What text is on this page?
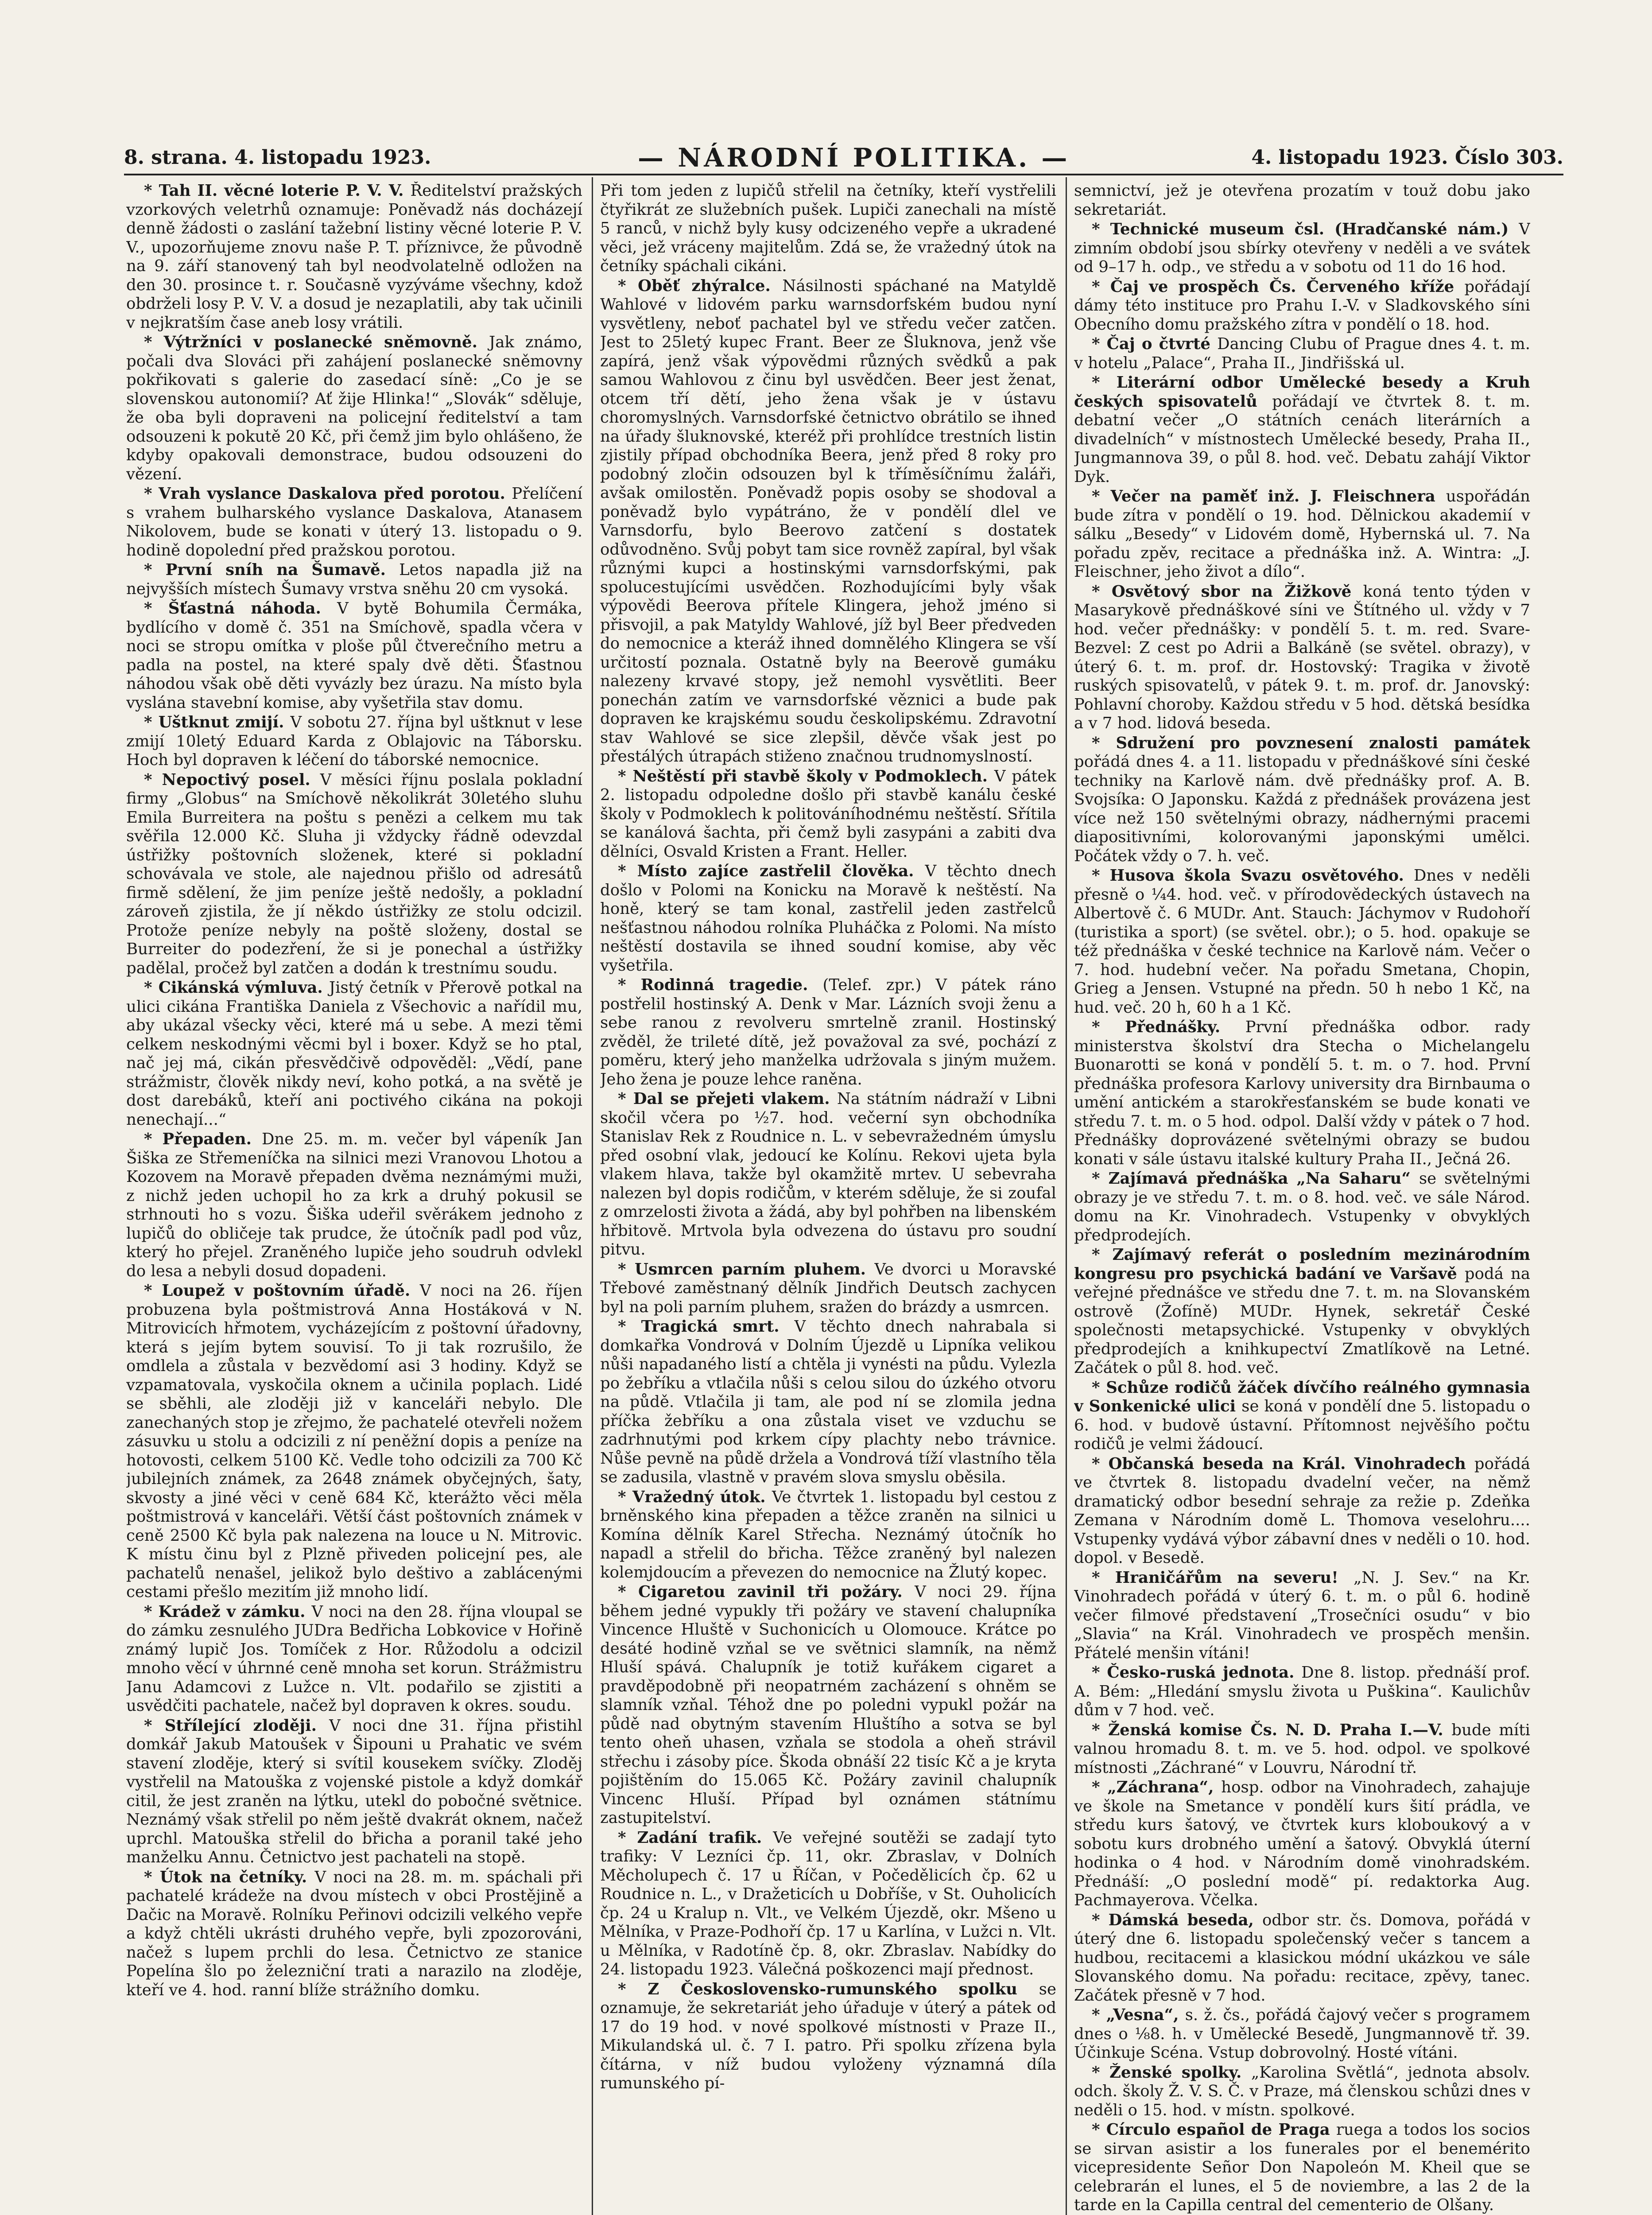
8. strana. 4. listopadu 1923.	— NÁRODNÍ POLITIKA. —	4. listopadu 1923. Číslo 303.

* Tah II. věcné loterie P. V. V. Ředitelství pražských vzorkových veletrhů oznamuje: Poněvadž nás docházejí denně žádosti o zaslání tažební listiny věcné loterie P. V. V., upozorňujeme znovu naše P. T. příznivce, že původně na 9. září stanovený tah byl neodvolatelně odložen na den 30. prosince t. r. Současně vyzýváme všechny, kdož obdrželi losy P. V. V. a dosud je nezaplatili, aby tak učinili v nejkratším čase aneb losy vrátili.

* Výtržníci v poslanecké sněmovně. Jak známo, počali dva Slováci při zahájení poslanecké sněmovny pokřikovati s galerie do zasedací síně: „Co je se slovenskou autonomií? Ať žije Hlinka!“ „Slovák“ sděluje, že oba byli dopraveni na policejní ředitelství a tam odsouzeni k pokutě 20 Kč, při čemž jim bylo ohlášeno, že kdyby opakovali demonstrace, budou odsouzeni do vězení.

* Vrah vyslance Daskalova před porotou. Přelíčení s vrahem bulharského vyslance Daskalova, Atanasem Nikolovem, bude se konati v úterý 13. listopadu o 9. hodině dopolední před pražskou porotou.

* První sníh na Šumavě. Letos napadla již na nejvyšších místech Šumavy vrstva sněhu 20 cm vysoká.

* Šťastná náhoda. V bytě Bohumila Čermáka, bydlícího v domě č. 351 na Smíchově, spadla včera v noci se stropu omítka v ploše půl čtverečního metru a padla na postel, na které spaly dvě děti. Šťastnou náhodou však obě děti vyvázly bez úrazu. Na místo byla vyslána stavební komise, aby vyšetřila stav domu.

* Uštknut zmijí. V sobotu 27. října byl uštknut v lese zmijí 10letý Eduard Karda z Oblajovic na Táborsku. Hoch byl dopraven k léčení do táborské nemocnice.

* Nepoctivý posel. V měsíci říjnu poslala pokladní firmy „Globus“ na Smíchově několikrát 30letého sluhu Emila Burreitera na poštu s penězi a celkem mu tak svěřila 12.000 Kč. Sluha ji vždycky řádně odevzdal ústřižky poštovních složenek, které si pokladní schovávala ve stole, ale najednou přišlo od adresátů firmě sdělení, že jim peníze ještě nedošly, a pokladní zároveň zjistila, že jí někdo ústřižky ze stolu odcizil. Protože peníze nebyly na poště složeny, dostal se Burreiter do podezření, že si je ponechal a ústřižky padělal, pročež byl zatčen a dodán k trestnímu soudu.

* Cikánská výmluva. Jistý četník v Přerově potkal na ulici cikána Františka Daniela z Všechovic a nařídil mu, aby ukázal všecky věci, které má u sebe. A mezi těmi celkem neskodnými věcmi byl i boxer. Když se ho ptal, nač jej má, cikán přesvědčivě odpověděl: „Vědí, pane strážmistr, člověk nikdy neví, koho potká, a na světě je dost darebáků, kteří ani poctivého cikána na pokoji nenechají...“

* Přepaden. Dne 25. m. m. večer byl vápeník Jan Šiška ze Střemeníčka na silnici mezi Vranovou Lhotou a Kozovem na Moravě přepaden dvěma neznámými muži, z nichž jeden uchopil ho za krk a druhý pokusil se strhnouti ho s vozu. Šiška udeřil svěrákem jednoho z lupičů do obličeje tak prudce, že útočník padl pod vůz, který ho přejel. Zraněného lupiče jeho soudruh odvlekl do lesa a nebyli dosud dopadeni.

* Loupež v poštovním úřadě. V noci na 26. říjen probuzena byla poštmistrová Anna Hostáková v N. Mitrovicích hřmotem, vycházejícím z poštovní úřadovny, která s jejím bytem souvisí. To ji tak rozrušilo, že omdlela a zůstala v bezvědomí asi 3 hodiny. Když se vzpamatovala, vyskočila oknem a učinila poplach. Lidé se sběhli, ale zloději již v kanceláři nebylo. Dle zanechaných stop je zřejmo, že pachatelé otevřeli nožem zásuvku u stolu a odcizili z ní peněžní dopis a peníze na hotovosti, celkem 5100 Kč. Vedle toho odcizili za 700 Kč jubilejních známek, za 2648 známek obyčejných, šaty, skvosty a jiné věci v ceně 684 Kč, kterážto věci měla poštmistrová v kanceláři. Větší část poštovních známek v ceně 2500 Kč byla pak nalezena na louce u N. Mitrovic. K místu činu byl z Plzně přiveden policejní pes, ale pachatelů nenašel, jelikož bylo deštivo a zablácenými cestami přešlo mezitím již mnoho lidí.

* Krádež v zámku. V noci na den 28. října vloupal se do zámku zesnulého JUDra Bedřicha Lobkovice v Hořině známý lupič Jos. Tomíček z Hor. Růžodolu a odcizil mnoho věcí v úhrnné ceně mnoha set korun. Strážmistru Janu Adamcovi z Lužce n. Vlt. podařilo se zjistiti a usvědčiti pachatele, načež byl dopraven k okres. soudu.

* Střílející zloději. V noci dne 31. října přistihl domkář Jakub Matoušek v Šipouni u Prahatic ve svém stavení zloděje, který si svítil kousekem svíčky. Zloděj vystřelil na Matouška z vojenské pistole a když domkář citil, že jest zraněn na lýtku, utekl do pobočné světnice. Neznámý však střelil po něm ještě dvakrát oknem, načež uprchl. Matouška střelil do břicha a poranil také jeho manželku Annu. Četnictvo jest pachateli na stopě.

* Útok na četníky. V noci na 28. m. m. spáchali při pachatelé krádeže na dvou místech v obci Prostějině a Dačic na Moravě. Rolníku Peřinovi odcizili velkého vepře a když chtěli ukrásti druhého vepře, byli zpozorováni, načež s lupem prchli do lesa. Četnictvo ze stanice Popelína šlo po železniční trati a narazilo na zloděje, kteří ve 4. hod. ranní blíže strážního domku.

Při tom jeden z lupičů střelil na četníky, kteří vystřelili čtyřikrát ze služebních pušek. Lupiči zanechali na místě 5 ranců, v nichž byly kusy odcizeného vepře a ukradené věci, jež vráceny majitelům. Zdá se, že vražedný útok na četníky spáchali cikáni.

* Oběť zhýralce. Násilnosti spáchané na Matyldě Wahlové v lidovém parku warnsdorfském budou nyní vysvětleny, neboť pachatel byl ve středu večer zatčen. Jest to 25letý kupec Frant. Beer ze Šluknova, jenž vše zapírá, jenž však výpovědmi různých svědků a pak samou Wahlovou z činu byl usvědčen. Beer jest ženat, otcem tří dětí, jeho žena však je v ústavu choromyslných. Varnsdorfské četnictvo obrátilo se ihned na úřady šluknovské, kteréž při prohlídce trestních listin zjistily případ obchodníka Beera, jenž před 8 roky pro podobný zločin odsouzen byl k tříměsíčnímu žaláři, avšak omilostěn. Poněvadž popis osoby se shodoval a poněvadž bylo vypátráno, že v pondělí dlel ve Varnsdorfu, bylo Beerovo zatčení s dostatek odůvodněno. Svůj pobyt tam sice rovněž zapíral, byl však různými kupci a hostinskými varnsdorfskými, pak spolucestujícími usvědčen. Rozhodujícími byly však výpovědi Beerova přítele Klingera, jehož jméno si přisvojil, a pak Matyldy Wahlové, jíž byl Beer předveden do nemocnice a kteráž ihned domnělého Klingera se vší určitostí poznala. Ostatně byly na Beerově gumáku nalezeny krvavé stopy, jež nemohl vysvětliti. Beer ponechán zatím ve varnsdorfské věznici a bude pak dopraven ke krajskému soudu českolipskému. Zdravotní stav Wahlové se sice zlepšil, děvče však jest po přestálých útrapách stiženo značnou trudnomyslností.

* Neštěstí při stavbě školy v Podmoklech. V pátek 2. listopadu odpoledne došlo při stavbě kanálu české školy v Podmoklech k politováníhodnému neštěstí. Sřítila se kanálová šachta, při čemž byli zasypáni a zabiti dva dělníci, Osvald Kristen a Frant. Heller.

* Místo zajíce zastřelil člověka. V těchto dnech došlo v Polomi na Konicku na Moravě k neštěstí. Na honě, který se tam konal, zastřelil jeden zastřelců nešťastnou náhodou rolníka Pluháčka z Polomi. Na místo neštěstí dostavila se ihned soudní komise, aby věc vyšetřila.

* Rodinná tragedie. (Telef. zpr.) V pátek ráno postřelil hostinský A. Denk v Mar. Lázních svoji ženu a sebe ranou z revolveru smrtelně zranil. Hostinský zvěděl, že trileté dítě, jež považoval za své, pochází z poměru, který jeho manželka udržovala s jiným mužem. Jeho žena je pouze lehce raněna.

* Dal se přejeti vlakem. Na státním nádraží v Libni skočil včera po ½7. hod. večerní syn obchodníka Stanislav Rek z Roudnice n. L. v sebevražedném úmyslu před osobní vlak, jedoucí ke Kolínu. Rekovi ujeta byla vlakem hlava, takže byl okamžitě mrtev. U sebevraha nalezen byl dopis rodičům, v kterém sděluje, že si zoufal z omrzelosti života a žádá, aby byl pohřben na libenském hřbitově. Mrtvola byla odvezena do ústavu pro soudní pitvu.

* Usmrcen parním pluhem. Ve dvorci u Moravské Třebové zaměstnaný dělník Jindřich Deutsch zachycen byl na poli parním pluhem, sražen do brázdy a usmrcen.

* Tragická smrt. V těchto dnech nahrabala si domkařka Vondrová v Dolním Újezdě u Lipníka velikou nůši napadaného listí a chtěla ji vynésti na půdu. Vylezla po žebříku a vtlačila nůši s celou silou do úzkého otvoru na půdě. Vtlačila ji tam, ale pod ní se zlomila jedna příčka žebříku a ona zůstala viset ve vzduchu se zadrhnutými pod krkem cípy plachty nebo trávnice. Nůše pevně na půdě držela a Vondrová tíží vlastního těla se zadusila, vlastně v pravém slova smyslu oběsila.

* Vražedný útok. Ve čtvrtek 1. listopadu byl cestou z brněnského kina přepaden a těžce zraněn na silnici u Komína dělník Karel Střecha. Neznámý útočník ho napadl a střelil do břicha. Těžce zraněný byl nalezen kolemjdoucím a převezen do nemocnice na Žlutý kopec.

* Cigaretou zavinil tři požáry. V noci 29. října během jedné vypukly tři požáry ve stavení chalupníka Vincence Hluště v Suchonicích u Olomouce. Krátce po desáté hodině vzňal se ve světnici slamník, na němž Hluší spává. Chalupník je totiž kuřákem cigaret a pravděpodobně při neopatrném zacházení s ohněm se slamník vzňal. Téhož dne po poledni vypukl požár na půdě nad obytným stavením Hluštího a sotva se byl tento oheň uhasen, vzňala se stodola a oheň strávil střechu i zásoby píce. Škoda obnáší 22 tisíc Kč a je kryta pojištěním do 15.065 Kč. Požáry zavinil chalupník Vincenc Hluší. Případ byl oznámen státnímu zastupitelství.

* Zadání trafik. Ve veřejné soutěži se zadají tyto trafiky: V Lezníci čp. 11, okr. Zbraslav, v Dolních Měcholupech č. 17 u Říčan, v Počedělicích čp. 62 u Roudnice n. L., v Dražeticích u Dobříše, v St. Ouholicích čp. 24 u Kralup n. Vlt., ve Velkém Újezdě, okr. Mšeno u Mělníka, v Praze-Podhoří čp. 17 u Karlína, v Lužci n. Vlt. u Mělníka, v Radotíně čp. 8, okr. Zbraslav. Nabídky do 24. listopadu 1923. Válečná poškozenci mají přednost.

* Z Československo-rumunského spolku se oznamuje, že sekretariát jeho úřaduje v úterý a pátek od 17 do 19 hod. v nové spolkové místnosti v Praze II., Mikulandská ul. č. 7 I. patro. Při spolku zřízena byla čítárna, v níž budou vyloženy významná díla rumunského pí-

semnictví, jež je otevřena prozatím v touž dobu jako sekretariát.

* Technické museum čsl. (Hradčanské nám.) V zimním období jsou sbírky otevřeny v neděli a ve svátek od 9–17 h. odp., ve středu a v sobotu od 11 do 16 hod.

* Čaj ve prospěch Čs. Červeného kříže pořádají dámy této instituce pro Prahu I.-V. v Sladkovského síni Obecního domu pražského zítra v pondělí o 18. hod.

* Čaj o čtvrté Dancing Clubu of Prague dnes 4. t. m. v hotelu „Palace“, Praha II., Jindřišská ul.

* Literární odbor Umělecké besedy a Kruh českých spisovatelů pořádají ve čtvrtek 8. t. m. debatní večer „O státních cenách literárních a divadelních“ v místnostech Umělecké besedy, Praha II., Jungmannova 39, o půl 8. hod. več. Debatu zahájí Viktor Dyk.

* Večer na paměť inž. J. Fleischnera uspořádán bude zítra v pondělí o 19. hod. Dělnickou akademií v sálku „Besedy“ v Lidovém domě, Hybernská ul. 7. Na pořadu zpěv, recitace a přednáška inž. A. Wintra: „J. Fleischner, jeho život a dílo“.

* Osvětový sbor na Žižkově koná tento týden v Masarykově přednáškové síni ve Štítného ul. vždy v 7 hod. večer přednášky: v pondělí 5. t. m. red. Svare-Bezvel: Z cest po Adrii a Balkáně (se světel. obrazy), v úterý 6. t. m. prof. dr. Hostovský: Tragika v životě ruských spisovatelů, v pátek 9. t. m. prof. dr. Janovský: Pohlavní choroby. Každou středu v 5 hod. dětská besídka a v 7 hod. lidová beseda.

* Sdružení pro povznesení znalosti památek pořádá dnes 4. a 11. listopadu v přednáškové síni české techniky na Karlově nám. dvě přednášky prof. A. B. Svojsíka: O Japonsku. Každá z přednášek provázena jest více než 150 světelnými obrazy, nádhernými pracemi diapositivními, kolorovanými japonskými umělci. Počátek vždy o 7. h. več.

* Husova škola Svazu osvětového. Dnes v neděli přesně o ¼4. hod. več. v přírodovědeckých ústavech na Albertově č. 6 MUDr. Ant. Stauch: Jáchymov v Rudohoří (turistika a sport) (se světel. obr.); o 5. hod. opakuje se též přednáška v české technice na Karlově nám. Večer o 7. hod. hudební večer. Na pořadu Smetana, Chopin, Grieg a Jensen. Vstupné na předn. 50 h nebo 1 Kč, na hud. več. 20 h, 60 h a 1 Kč.

* Přednášky. První přednáška odbor. rady ministerstva školství dra Stecha o Michelangelu Buonarotti se koná v pondělí 5. t. m. o 7. hod. První přednáška profesora Karlovy university dra Birnbauma o umění antickém a starokřesťanském se bude konati ve středu 7. t. m. o 5 hod. odpol. Další vždy v pátek o 7 hod. Přednášky doprovázené světelnými obrazy se budou konati v sále ústavu italské kultury Praha II., Ječná 26.

* Zajímavá přednáška „Na Saharu“ se světelnými obrazy je ve středu 7. t. m. o 8. hod. več. ve sále Národ. domu na Kr. Vinohradech. Vstupenky v obvyklých předprodejích.

* Zajímavý referát o posledním mezinárodním kongresu pro psychická badání ve Varšavě podá na veřejné přednášce ve středu dne 7. t. m. na Slovanském ostrově (Žofíně) MUDr. Hynek, sekretář České společnosti metapsychické. Vstupenky v obvyklých předprodejích a knihkupectví Zmatlíkově na Letné. Začátek o půl 8. hod. več.

* Schůze rodičů žáček dívčího reálného gymnasia v Sonkenické ulici se koná v pondělí dne 5. listopadu o 6. hod. v budově ústavní. Přítomnost nejvěšího počtu rodičů je velmi žádoucí.

* Občanská beseda na Král. Vinohradech pořádá ve čtvrtek 8. listopadu dvadelní večer, na němž dramatický odbor besední sehraje za režie p. Zdeňka Zemana v Národním domě L. Thomova veselohru.... Vstupenky vydává výbor zábavní dnes v neděli o 10. hod. dopol. v Besedě.

* Hraničářům na severu! „N. J. Sev.“ na Kr. Vinohradech pořádá v úterý 6. t. m. o půl 6. hodině večer filmové představení „Trosečníci osudu“ v bio „Slavia“ na Král. Vinohradech ve prospěch menšin. Přátelé menšin vítáni!

* Česko-ruská jednota. Dne 8. listop. přednáší prof. A. Bém: „Hledání smyslu života u Puškina“. Kaulichův dům v 7 hod. več.

* Ženská komise Čs. N. D. Praha I.—V. bude míti valnou hromadu 8. t. m. ve 5. hod. odpol. ve spolkové místnosti „Záchrané“ v Louvru, Národní tř.

* „Záchrana“, hosp. odbor na Vinohradech, zahajuje ve škole na Smetance v pondělí kurs šití prádla, ve středu kurs šatový, ve čtvrtek kurs kloboukový a v sobotu kurs drobného umění a šatový. Obvyklá úterní hodinka o 4 hod. v Národním domě vinohradském. Přednáší: „O poslední modě“ pí. redaktorka Aug. Pachmayerova. Včelka.

* Dámská beseda, odbor str. čs. Domova, pořádá v úterý dne 6. listopadu společenský večer s tancem a hudbou, recitacemi a klasickou módní ukázkou ve sále Slovanského domu. Na pořadu: recitace, zpěvy, tanec. Začátek přesně v 7 hod.

* „Vesna“, s. ž. čs., pořádá čajový večer s programem dnes o ⅛8. h. v Umělecké Besedě, Jungmannově tř. 39. Účinkuje Scéna. Vstup dobrovolný. Hosté vítáni.

* Ženské spolky. „Karolina Světlá“, jednota absolv. odch. školy Ž. V. S. Č. v Praze, má členskou schůzi dnes v neděli o 15. hod. v místn. spolkové.

* Círculo español de Praga ruega a todos los socios se sirvan asistir a los funerales por el benemérito vicepresidente Señor Don Napoleón M. Kheil que se celebrarán el lunes, el 5 de noviembre, a las 2 de la tarde en la Capilla central del cementerio de Olšany.
